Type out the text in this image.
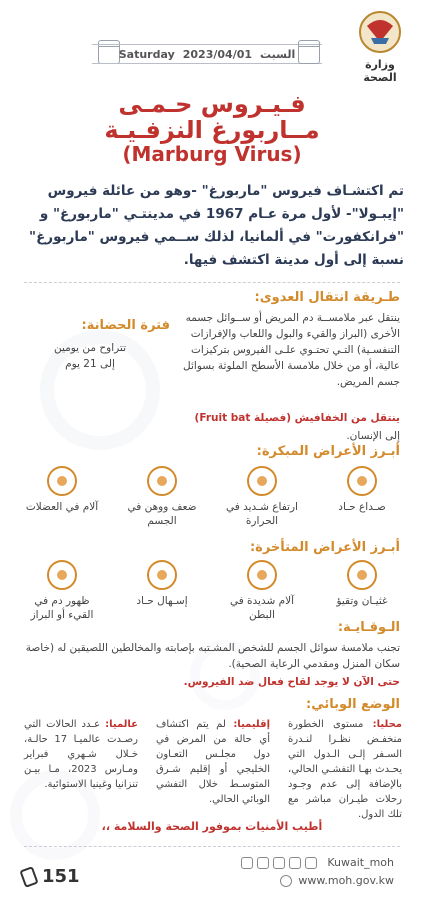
وزارة الصحة
Saturday 2023/04/01 السبت
فـيـروس حـمـى
مــاربورغ النزفـيـة
(Marburg Virus)
تم اكتشـاف فيروس "ماربورغ" -وهو من عائلة فيروس "إيبـولا"- لأول مرة عـام 1967 في مدينتـي "ماربورغ" و "فرانكفورت" في ألمانيا، لذلك ســمي فيروس "ماربورغ" نسبة إلى أول مدينة اكتشف فيها.
طـريقة انتقال العدوى:
ينتقل عبر ملامســة دم المريض أو ســوائل جسمه الأخرى (البراز والقيء والبول واللعاب والإفرازات التنفسـية) التـي تحتـوي علـى الفيروس بتركيزات عالية، أو من خلال ملامسة الأسطح الملوثة بسوائل جسم المريض.
ينتقل من الخفافيش (فصيلة Fruit bat)
إلى الإنسان.
فترة الحضانة:
تتراوح من يومين
إلى 21 يوم
أبـرز الأعراض المبكرة:
صـداع حـاد
ارتفاع شـديد في الحرارة
ضعف ووهن في الجسم
آلام في العضلات
أبـرز الأعراض المتأخرة:
غثيـان وتقيؤ
آلام شديدة في البطن
إسـهال حـاد
ظهور دم في القيء أو البراز
الـوقـايـة:
تجنب ملامسة سوائل الجسم للشخص المشـتبه بإصابته والمخالطين اللصيقين له (خاصة سكان المنزل ومقدمي الرعاية الصحية).
حتى الآن لا يوجد لقاح فعال ضد الفيروس.
الوضع الوبائي:
محليا: مستوى الخطورة منخفـض نظـرا لنـدرة السـفر إلـى الـدول التي يحـدث بهـا التفشـي الحالي، بالإضافة إلى عدم وجـود رحلات طيـران مباشر مع تلك الدول.
إقليميا: لم يتم اكتشاف أي حالة من المرض في دول مجلـس التعـاون الخليجي أو إقليم شـرق المتوسـط خلال التفشي الوبائي الحالي.
عالميا: عـدد الحالات التي رصـدت عالميـا 17 حالـة، خـلال شـهري فبراير ومـارس 2023، مـا بيـن تنزانيا وغينيا الاستوائية.
أطيب الأمنيات بموفور الصحة والسلامة ،،
151
Kuwait_moh
www.moh.gov.kw
